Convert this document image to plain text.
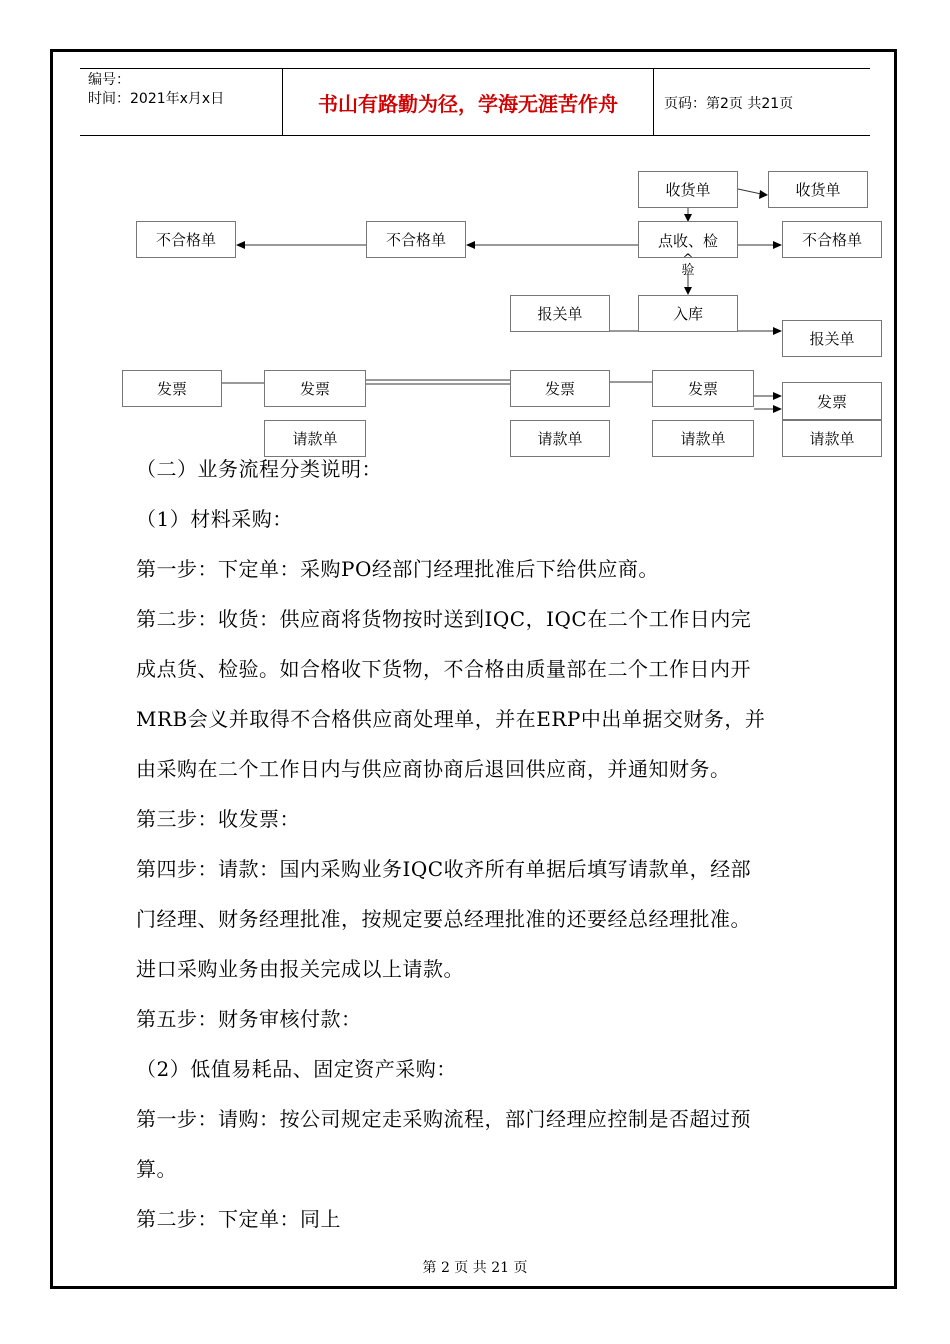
编号：
时间：2021年x月x日	书山有路勤为径，学海无涯苦作舟	页码：第2页 共21页
收货单	收货单
不合格单	不合格单	点收、检
^
验
不合格单
报关单	入库
报关单
发票	发票	发票	发票
发票
请款单	请款单	请款单	请款单

（二）业务流程分类说明：

（1）材料采购：

第一步：下定单：采购PO经部门经理批准后下给供应商。

第二步：收货：供应商将货物按时送到IQC，IQC在二个工作日内完

成点货、检验。如合格收下货物，不合格由质量部在二个工作日内开

MRB会义并取得不合格供应商处理单，并在ERP中出单据交财务，并

由采购在二个工作日内与供应商协商后退回供应商，并通知财务。

第三步：收发票：

第四步：请款：国内采购业务IQC收齐所有单据后填写请款单，经部

门经理、财务经理批准，按规定要总经理批准的还要经总经理批准。

进口采购业务由报关完成以上请款。

第五步：财务审核付款：

（2）低值易耗品、固定资产采购：

第一步：请购：按公司规定走采购流程，部门经理应控制是否超过预

算。

第二步：下定单：同上

第 2 页 共 21 页
